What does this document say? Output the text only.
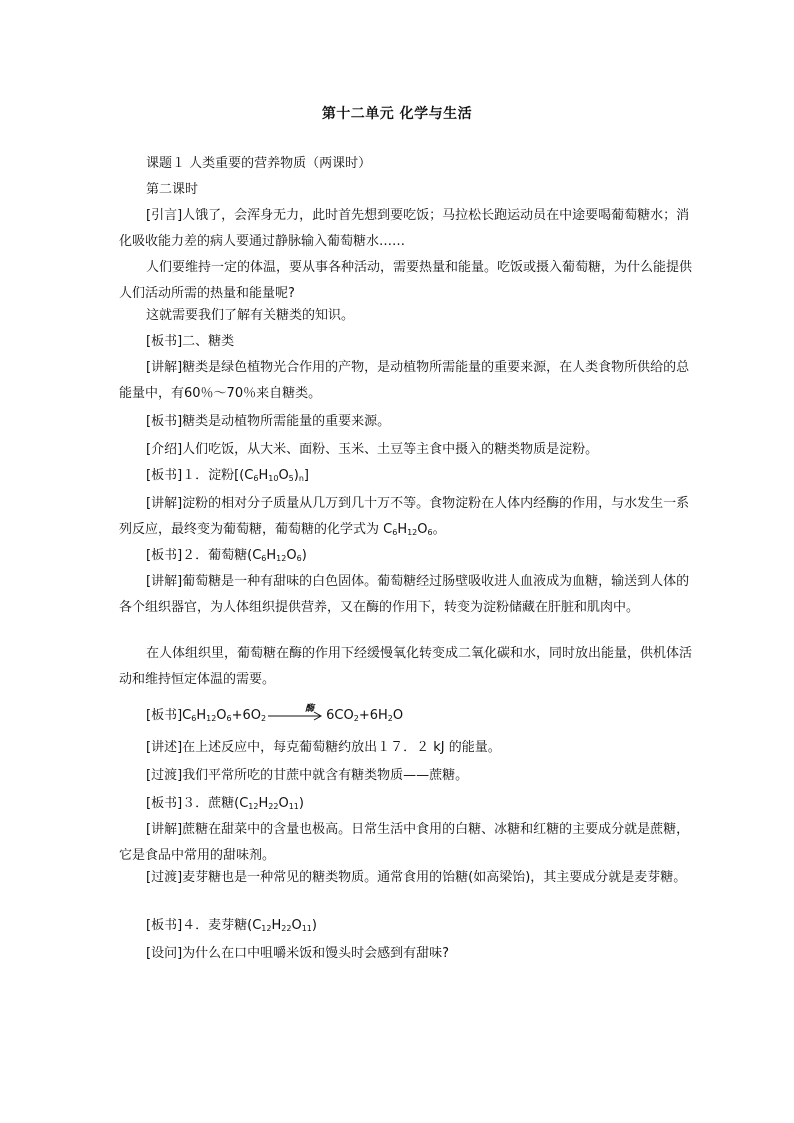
第十二单元 化学与生活

课题１ 人类重要的营养物质（两课时）

第二课时

[引言]人饿了，会浑身无力，此时首先想到要吃饭；马拉松长跑运动员在中途要喝葡萄糖水；消化吸收能力差的病人要通过静脉输入葡萄糖水……

人们要维持一定的体温，要从事各种活动，需要热量和能量。吃饭或摄入葡萄糖，为什么能提供人们活动所需的热量和能量呢?

这就需要我们了解有关糖类的知识。

[板书]二、糖类

[讲解]糖类是绿色植物光合作用的产物，是动植物所需能量的重要来源，在人类食物所供给的总能量中，有60％～70％来自糖类。

[板书]糖类是动植物所需能量的重要来源。

[介绍]人们吃饭，从大米、面粉、玉米、土豆等主食中摄入的糖类物质是淀粉。

[板书]１．淀粉$[(C_6H_{10}O_5)_n]$

[讲解]淀粉的相对分子质量从几万到几十万不等。食物淀粉在人体内经酶的作用，与水发生一系列反应，最终变为葡萄糖，葡萄糖的化学式为 $C_6H_{12}O_6$。

[板书]２．葡萄糖$(C_6H_{12}O_6)$

[讲解]葡萄糖是一种有甜味的白色固体。葡萄糖经过肠壁吸收进人血液成为血糖，输送到人体的各个组织器官，为人体组织提供营养，又在酶的作用下，转变为淀粉储藏在肝脏和肌肉中。

在人体组织里，葡萄糖在酶的作用下经缓慢氧化转变成二氧化碳和水，同时放出能量，供机体活动和维持恒定体温的需要。

[板书]$C_6H_{12}O_6+6O_2$
酶 $6CO_2+6H_2O$

[讲述]在上述反应中，每克葡萄糖约放出１７．２ kJ 的能量。

[过渡]我们平常所吃的甘蔗中就含有糖类物质——蔗糖。

[板书]３．蔗糖$(C_{12}H_{22}O_{11})$

[讲解]蔗糖在甜菜中的含量也极高。日常生活中食用的白糖、冰糖和红糖的主要成分就是蔗糖，它是食品中常用的甜味剂。

[过渡]麦芽糖也是一种常见的糖类物质。通常食用的饴糖(如高梁饴)，其主要成分就是麦芽糖。

[板书]４．麦芽糖$(C_{12}H_{22}O_{11})$

[设问]为什么在口中咀嚼米饭和馒头时会感到有甜味?
